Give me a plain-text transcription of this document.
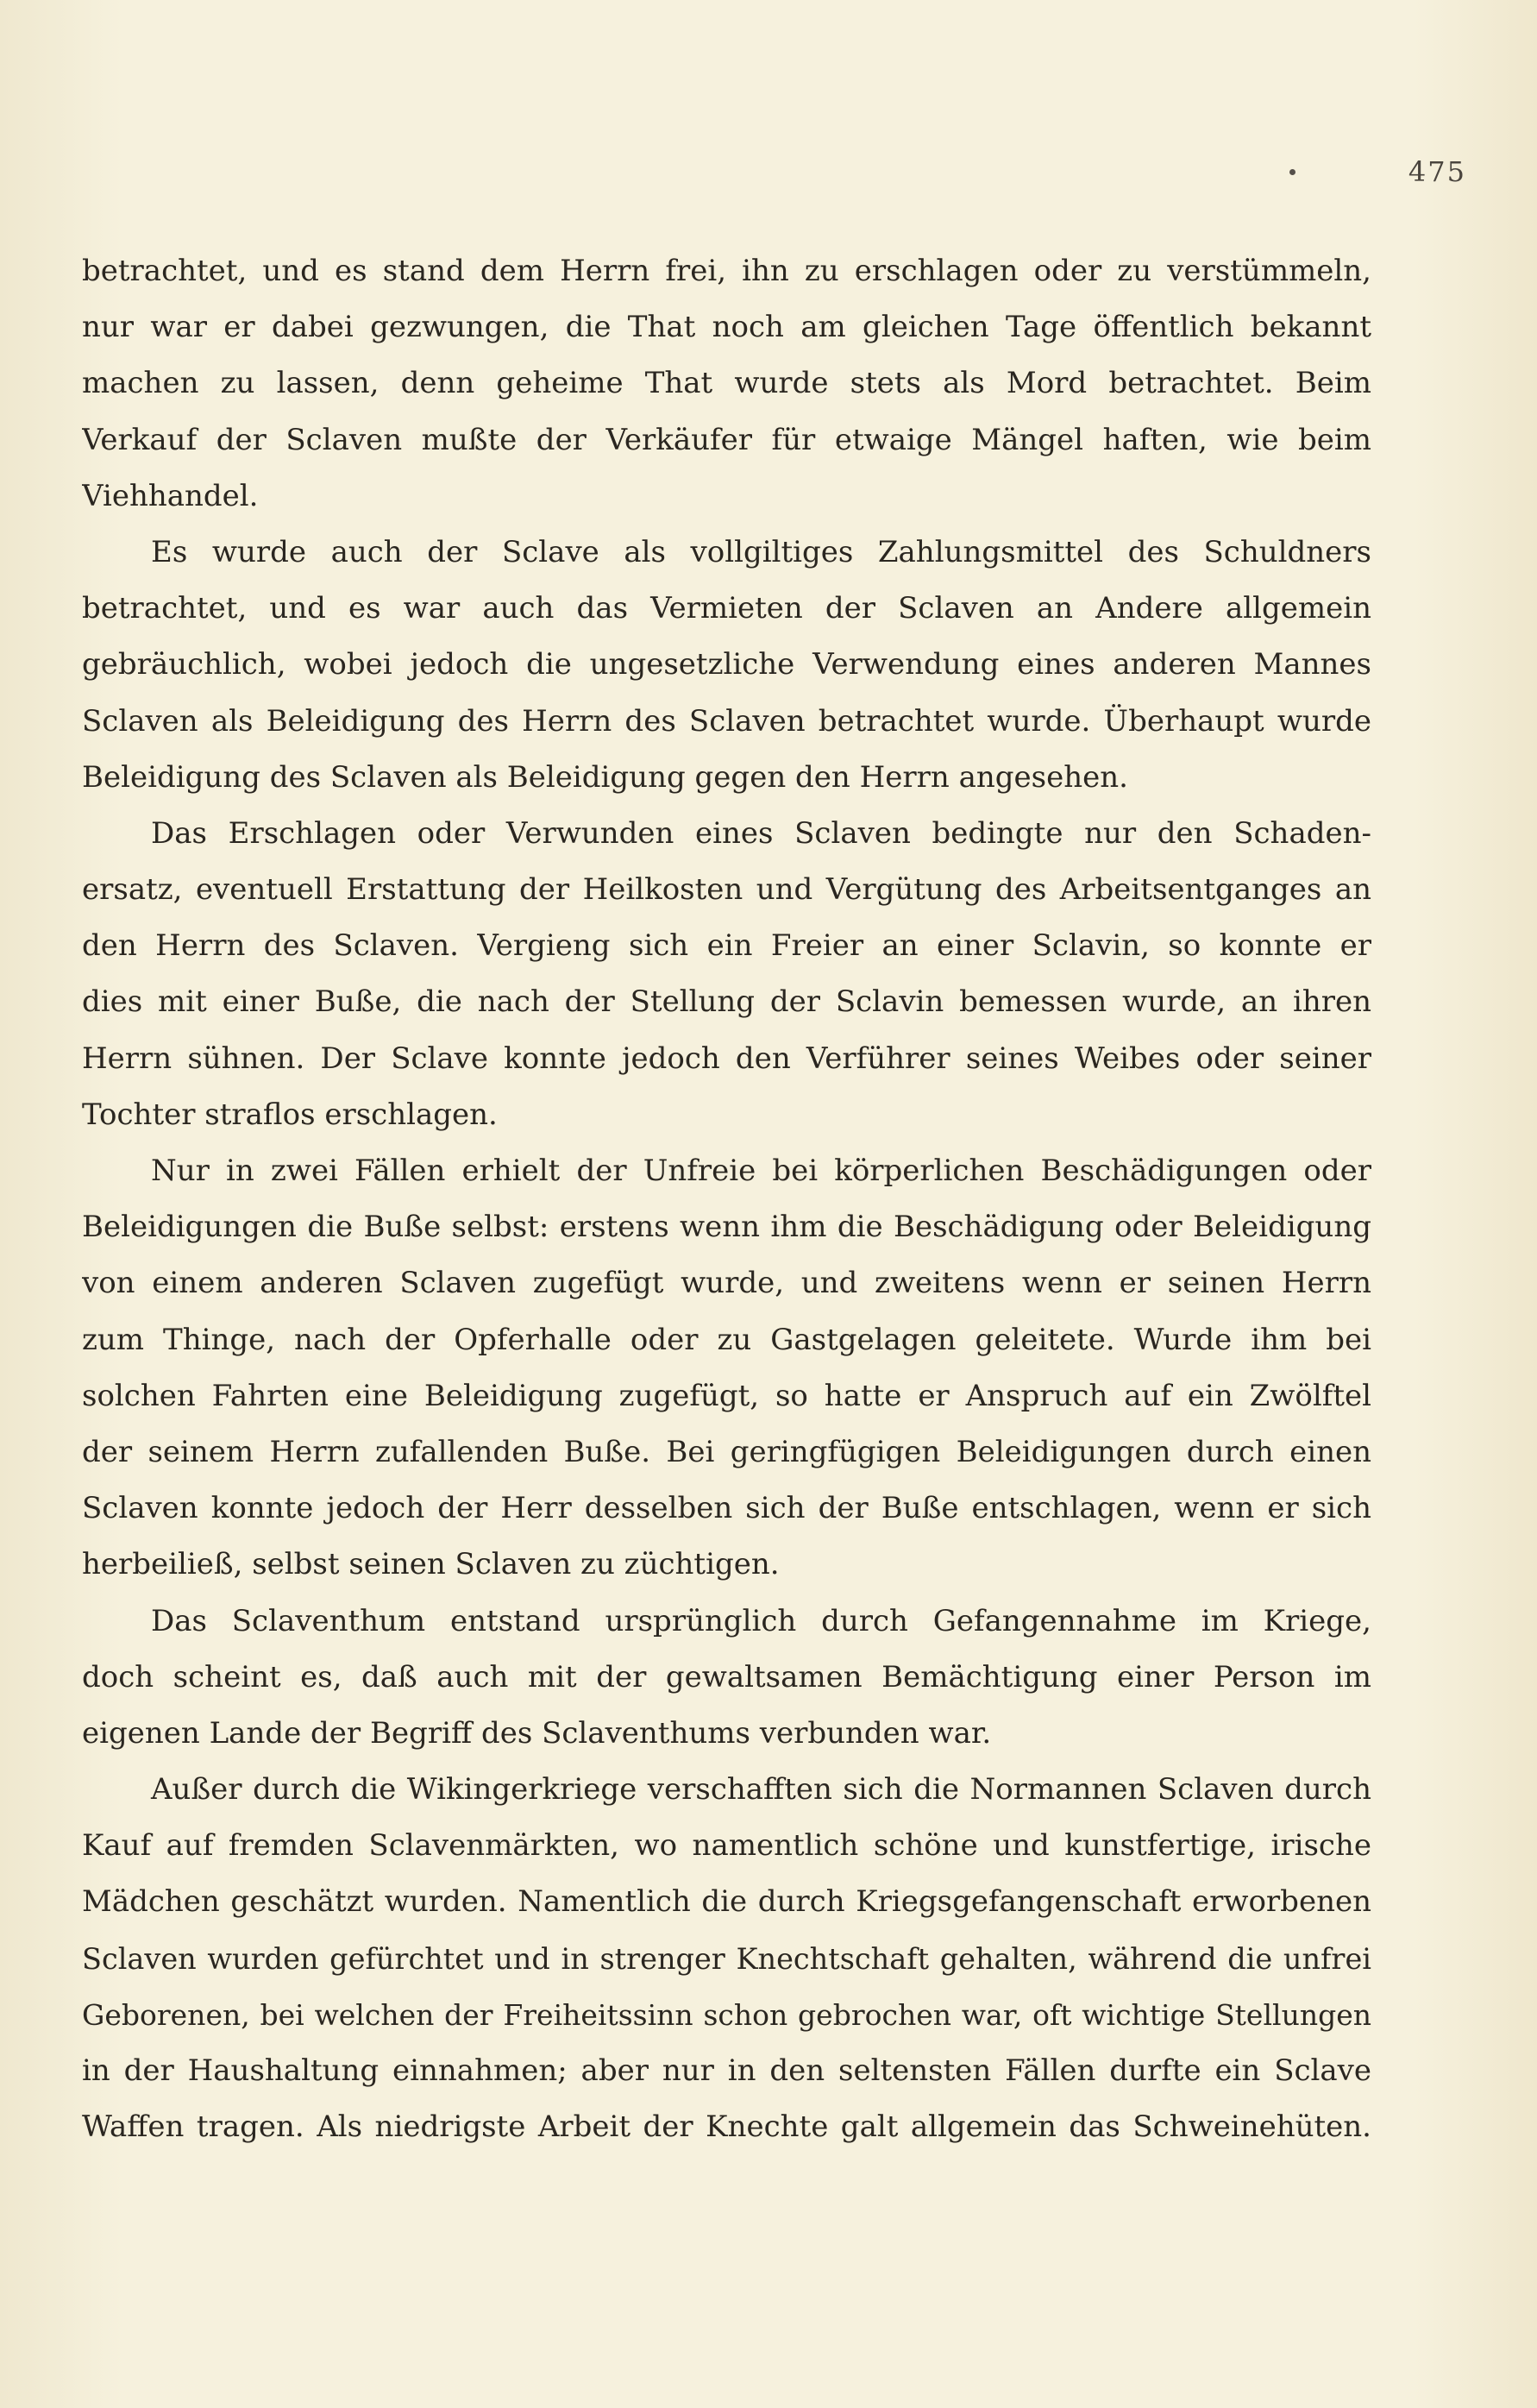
475

betrachtet, und es stand dem Herrn frei, ihn zu erschlagen oder zu verstümmeln,
nur war er dabei gezwungen, die That noch am gleichen Tage öffentlich bekannt
machen zu lassen, denn geheime That wurde stets als Mord betrachtet. Beim
Verkauf der Sclaven mußte der Verkäufer für etwaige Mängel haften, wie beim
Viehhandel.

Es wurde auch der Sclave als vollgiltiges Zahlungsmittel des Schuldners
betrachtet, und es war auch das Vermieten der Sclaven an Andere allgemein
gebräuchlich, wobei jedoch die ungesetzliche Verwendung eines anderen Mannes
Sclaven als Beleidigung des Herrn des Sclaven betrachtet wurde. Überhaupt wurde
Beleidigung des Sclaven als Beleidigung gegen den Herrn angesehen.

Das Erschlagen oder Verwunden eines Sclaven bedingte nur den Schaden-
ersatz, eventuell Erstattung der Heilkosten und Vergütung des Arbeitsentganges an
den Herrn des Sclaven. Vergieng sich ein Freier an einer Sclavin, so konnte er
dies mit einer Buße, die nach der Stellung der Sclavin bemessen wurde, an ihren
Herrn sühnen. Der Sclave konnte jedoch den Verführer seines Weibes oder seiner
Tochter straflos erschlagen.

Nur in zwei Fällen erhielt der Unfreie bei körperlichen Beschädigungen oder
Beleidigungen die Buße selbst: erstens wenn ihm die Beschädigung oder Beleidigung
von einem anderen Sclaven zugefügt wurde, und zweitens wenn er seinen Herrn
zum Thinge, nach der Opferhalle oder zu Gastgelagen geleitete. Wurde ihm bei
solchen Fahrten eine Beleidigung zugefügt, so hatte er Anspruch auf ein Zwölftel
der seinem Herrn zufallenden Buße. Bei geringfügigen Beleidigungen durch einen
Sclaven konnte jedoch der Herr desselben sich der Buße entschlagen, wenn er sich
herbeiließ, selbst seinen Sclaven zu züchtigen.

Das Sclaventhum entstand ursprünglich durch Gefangennahme im Kriege,
doch scheint es, daß auch mit der gewaltsamen Bemächtigung einer Person im
eigenen Lande der Begriff des Sclaventhums verbunden war.

Außer durch die Wikingerkriege verschafften sich die Normannen Sclaven durch
Kauf auf fremden Sclavenmärkten, wo namentlich schöne und kunstfertige, irische
Mädchen geschätzt wurden. Namentlich die durch Kriegsgefangenschaft erworbenen
Sclaven wurden gefürchtet und in strenger Knechtschaft gehalten, während die unfrei
Geborenen, bei welchen der Freiheitssinn schon gebrochen war, oft wichtige Stellungen
in der Haushaltung einnahmen; aber nur in den seltensten Fällen durfte ein Sclave
Waffen tragen. Als niedrigste Arbeit der Knechte galt allgemein das Schweinehüten.
